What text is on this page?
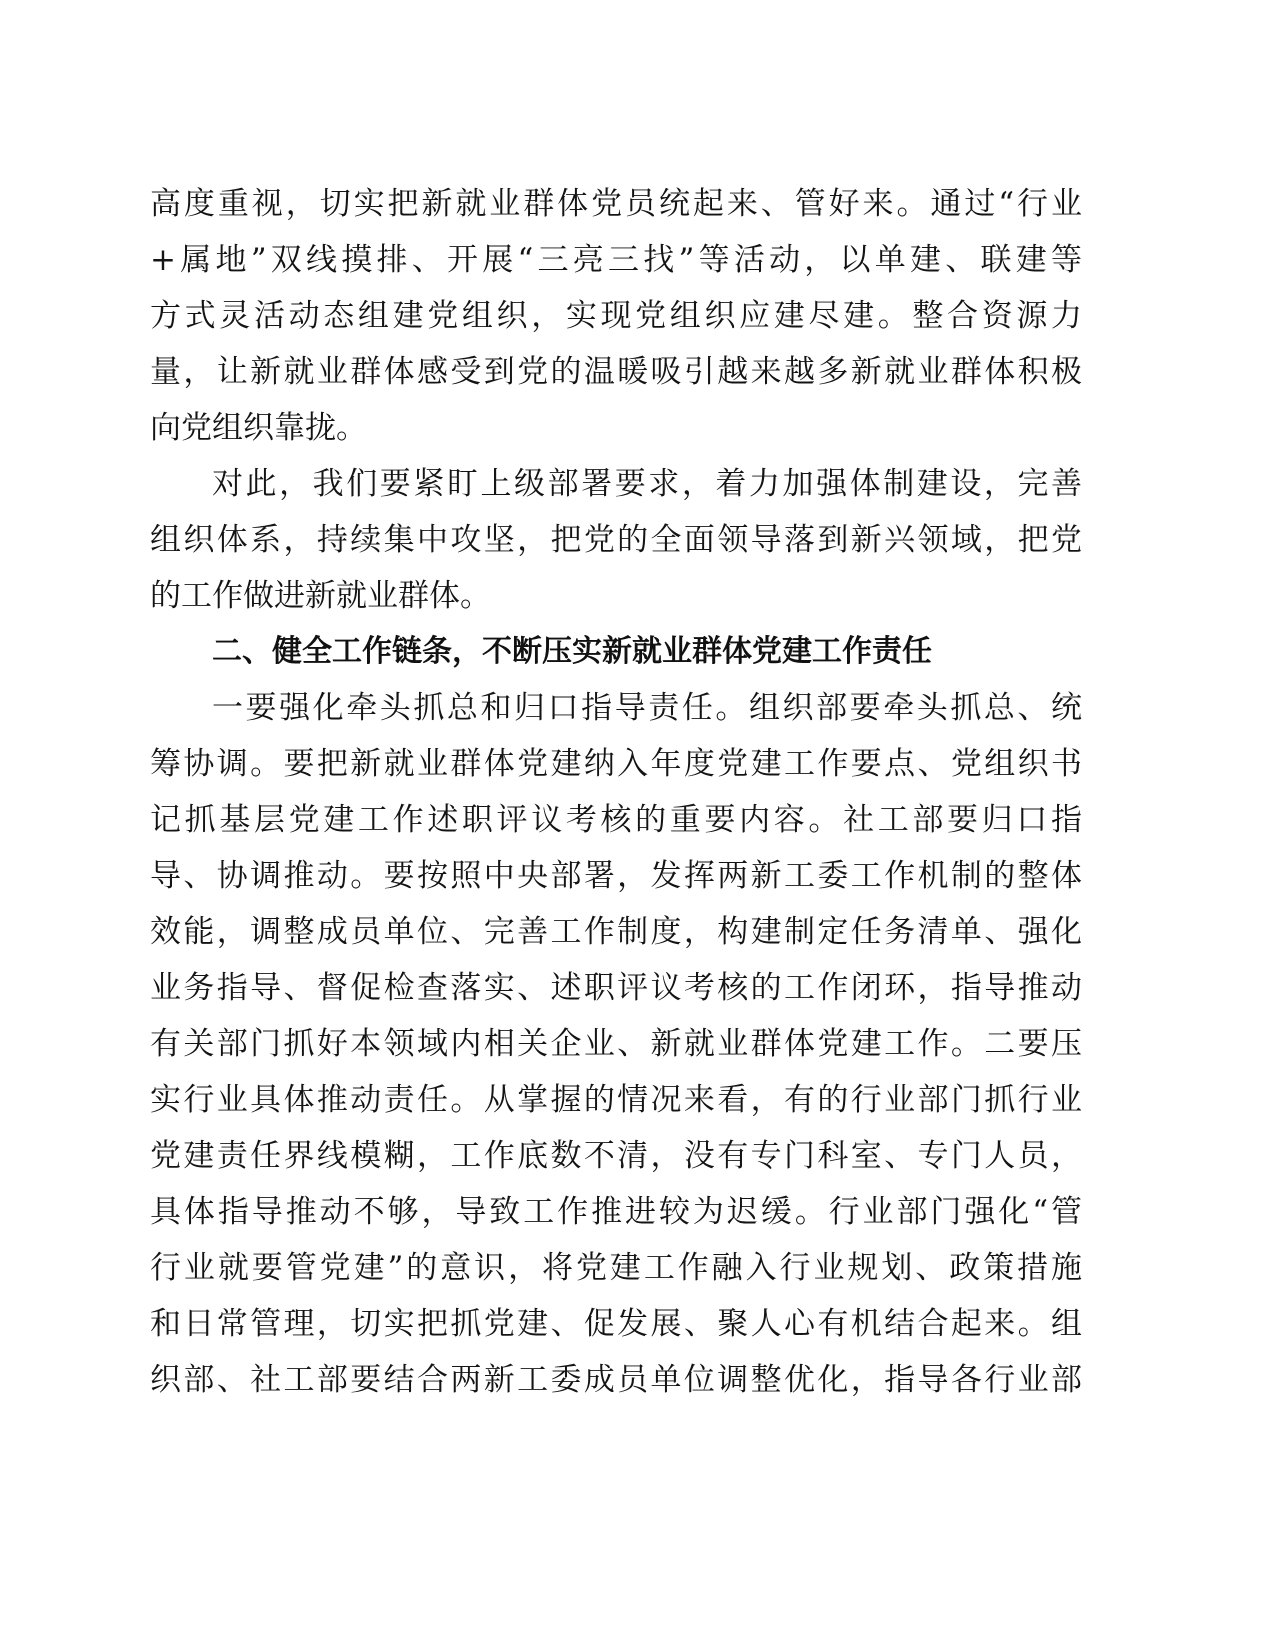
高度重视，切实把新就业群体党员统起来、管好来。通过“行业
+属地”双线摸排、开展“三亮三找”等活动，以单建、联建等
方式灵活动态组建党组织，实现党组织应建尽建。整合资源力
量，让新就业群体感受到党的温暖吸引越来越多新就业群体积极
向党组织靠拢。
对此，我们要紧盯上级部署要求，着力加强体制建设，完善
组织体系，持续集中攻坚，把党的全面领导落到新兴领域，把党
的工作做进新就业群体。
二、健全工作链条，不断压实新就业群体党建工作责任
一要强化牵头抓总和归口指导责任。组织部要牵头抓总、统
筹协调。要把新就业群体党建纳入年度党建工作要点、党组织书
记抓基层党建工作述职评议考核的重要内容。社工部要归口指
导、协调推动。要按照中央部署，发挥两新工委工作机制的整体
效能，调整成员单位、完善工作制度，构建制定任务清单、强化
业务指导、督促检查落实、述职评议考核的工作闭环，指导推动
有关部门抓好本领域内相关企业、新就业群体党建工作。二要压
实行业具体推动责任。从掌握的情况来看，有的行业部门抓行业
党建责任界线模糊，工作底数不清，没有专门科室、专门人员，
具体指导推动不够，导致工作推进较为迟缓。行业部门强化“管
行业就要管党建”的意识，将党建工作融入行业规划、政策措施
和日常管理，切实把抓党建、促发展、聚人心有机结合起来。组
织部、社工部要结合两新工委成员单位调整优化，指导各行业部
